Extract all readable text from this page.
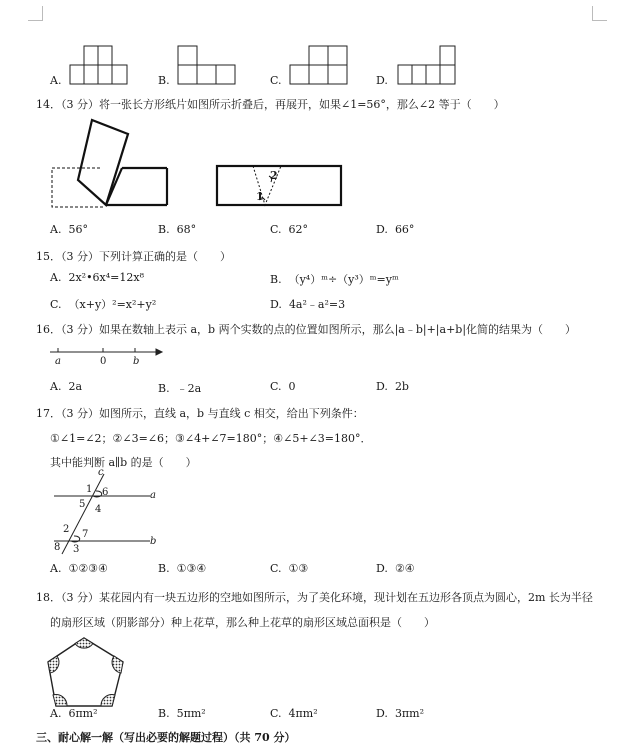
A.	B.	C.	D.
14．（3 分）将一张长方形纸片如图所示折叠后，再展开，如果∠1=56°，那么∠2 等于（　　）
2
1
A. 56°	B. 68°	C. 62°	D. 66°
15．（3 分）下列计算正确的是（　　）
A. 2x²•6x⁴=12x⁸	B. （y⁴）ᵐ÷（y³）ᵐ=yᵐ
C. （x+y）²=x²+y²	D. 4a²﹣a²=3
16．（3 分）如果在数轴上表示 a，b 两个实数的点的位置如图所示，那么|a﹣b|+|a+b|化简的结果为（　　）
a	0	b
A. 2a	B. ﹣2a	C. 0	D. 2b
17．（3 分）如图所示，直线 a，b 与直线 c 相交，给出下列条件：
①∠1=∠2；②∠3=∠6；③∠4+∠7=180°；④∠5+∠3=180°．
其中能判断 a∥b 的是（　　）
c
1 6	a
5 4
2 7
b
8 3
A. ①②③④	B. ①③④	C. ①③	D. ②④
18．（3 分）某花园内有一块五边形的空地如图所示，为了美化环境，现计划在五边形各顶点为圆心，2m 长为半径
的扇形区域（阴影部分）种上花草，那么种上花草的扇形区域总面积是（　　）
A. 6πm²	B. 5πm²	C. 4πm²	D. 3πm²
三、耐心解一解（写出必要的解题过程）（共 70 分）
